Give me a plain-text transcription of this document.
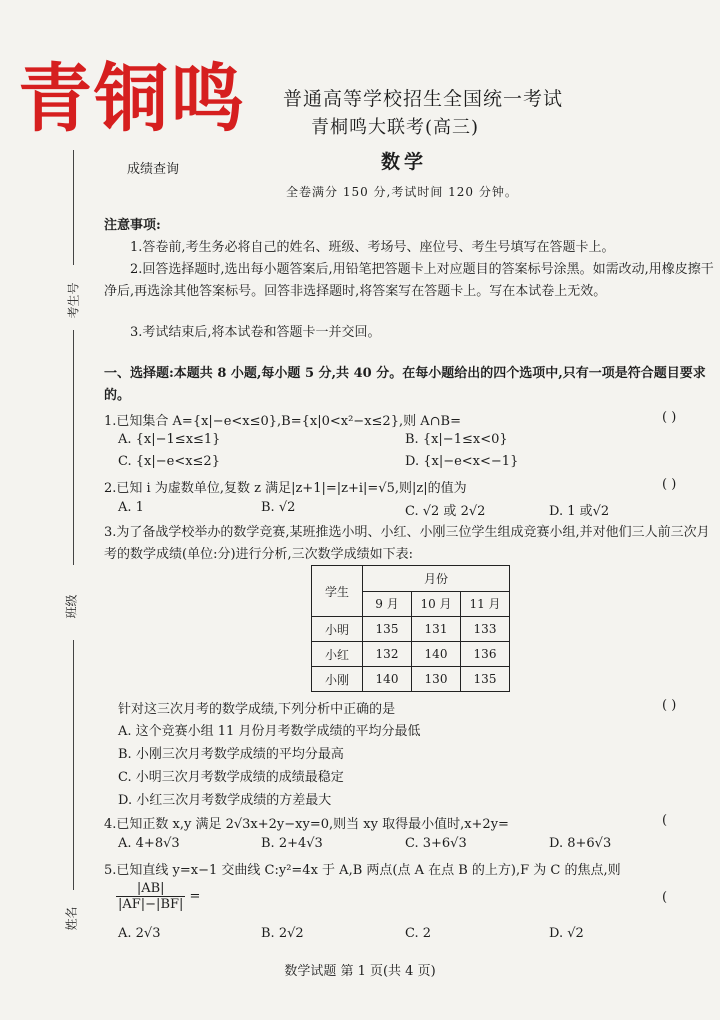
青铜鸣 普通高等学校招生全国统一考试
青桐鸣大联考(高三)
数学
成绩查询
全卷满分 150 分,考试时间 120 分钟。
考生号
班级
姓名
注意事项:
1.答卷前,考生务必将自己的姓名、班级、考场号、座位号、考生号填写在答题卡上。
2.回答选择题时,选出每小题答案后,用铅笔把答题卡上对应题目的答案标号涂黑。如需改动,用橡皮擦干净后,再选涂其他答案标号。回答非选择题时,将答案写在答题卡上。写在本试卷上无效。
3.考试结束后,将本试卷和答题卡一并交回。
一、选择题:本题共 8 小题,每小题 5 分,共 40 分。在每小题给出的四个选项中,只有一项是符合题目要求的。
1.已知集合 A={x|−e<x≤0},B={x|0<x²−x≤2},则 A∩B=	( )
A. {x|−1≤x≤1}	B. {x|−1≤x<0}
C. {x|−e<x≤2}	D. {x|−e<x<−1}
2.已知 i 为虚数单位,复数 z 满足|z+1|=|z+i|=√5,则|z|的值为	( )
A. 1	B. √2	C. √2 或 2√2	D. 1 或√2
3.为了备战学校举办的数学竞赛,某班推选小明、小红、小刚三位学生组成竞赛小组,并对他们三人前三次月考的数学成绩(单位:分)进行分析,三次数学成绩如下表:
学生	月份		
	9 月	10 月	11 月
小明	135	131	133
小红	132	140	136
小刚	140	130	135
针对这三次月考的数学成绩,下列分析中正确的是	( )
A. 这个竞赛小组 11 月份月考数学成绩的平均分最低
B. 小刚三次月考数学成绩的平均分最高
C. 小明三次月考数学成绩的成绩最稳定
D. 小红三次月考数学成绩的方差最大
4.已知正数 x,y 满足 2√3x+2y−xy=0,则当 xy 取得最小值时,x+2y=	(
A. 4+8√3	B. 2+4√3	C. 3+6√3	D. 8+6√3
5.已知直线 y=x−1 交曲线 C:y²=4x 于 A,B 两点(点 A 在点 B 的上方),F 为 C 的焦点,则
$\frac{|AB|}{|AF|-|BF|}$ =	(
A. 2√3	B. 2√2	C. 2	D. √2
数学试题 第 1 页(共 4 页)
